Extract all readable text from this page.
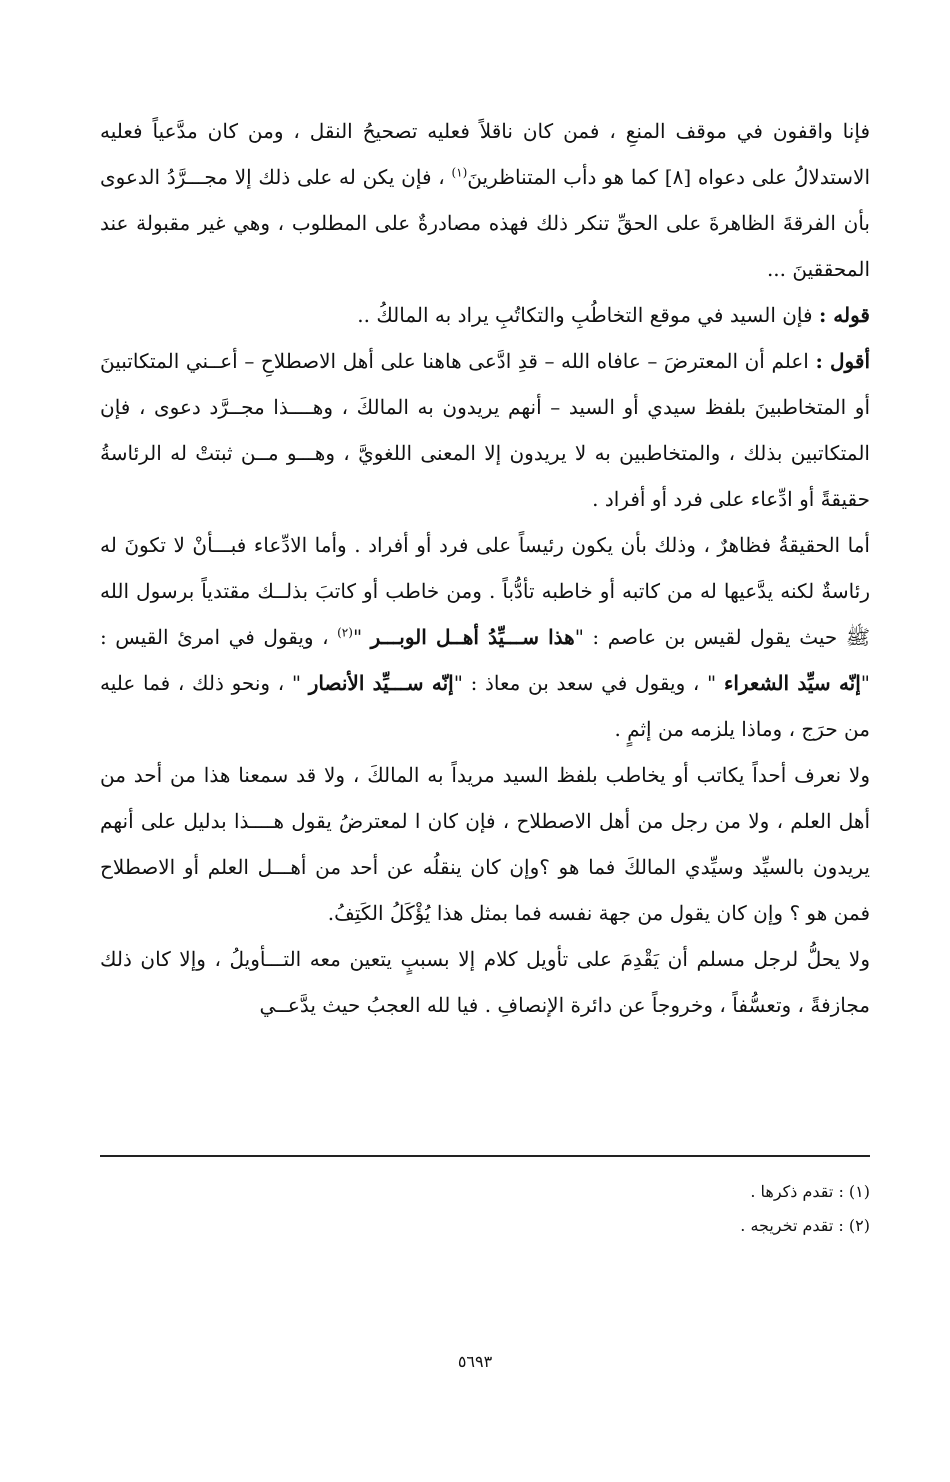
فإنا واقفون في موقف المنعِ ، فمن كان ناقلاً فعليه تصحيحُ النقل ، ومن كان مدَّعياً فعليه الاستدلالُ على دعواه [٨] كما هو دأب المتناظرينَ$^{(١)}$ ، فإن يكن له على ذلك إلا مجـــرَّدُ الدعوى بأن الفرقةَ الظاهرةَ على الحقِّ تنكر ذلك فهذه مصادرةٌ على المطلوب ، وهي غير مقبولة عند المحققينَ ...

قوله : فإن السيد في موقع التخاطُبِ والتكاتُبِ يراد به المالكُ ..

أقول : اعلم أن المعترضَ – عافاه الله – قدِ ادَّعى هاهنا على أهل الاصطلاحِ – أعــني المتكاتبينَ أو المتخاطبينَ بلفظ سيدي أو السيد – أنهم يريدون به المالكَ ، وهــــذا مجــرَّد دعوى ، فإن المتكاتبين بذلك ، والمتخاطبين به لا يريدون إلا المعنى اللغويَّ ، وهـــو مــن ثبتتْ له الرئاسةُ حقيقةً أو ادِّعاء على فرد أو أفراد .

أما الحقيقةُ فظاهرٌ ، وذلك بأن يكون رئيساً على فرد أو أفراد . وأما الادِّعاء فبـــأنْ لا تكونَ له رئاسةٌ لكنه يدَّعيها له من كاتبه أو خاطبه تأدُّباً . ومن خاطب أو كاتبَ بذلــك مقتدياً برسول الله ﷺ حيث يقول لقيس بن عاصم : "هذا ســـيِّدُ أهــل الوبـــر "$^{(٢)}$ ، ويقول في امرئ القيس : "إنّه سيِّد الشعراء " ، ويقول في سعد بن معاذ : "إنّه ســـيِّد الأنصار " ، ونحو ذلك ، فما عليه من حرَج ، وماذا يلزمه من إثمٍ .

ولا نعرف أحداً يكاتب أو يخاطب بلفظ السيد مريداً به المالكَ ، ولا قد سمعنا هذا من أحد من أهل العلم ، ولا من رجل من أهل الاصطلاح ، فإن كان ا لمعترضُ يقول هــــذا بدليل على أنهم يريدون بالسيِّد وسيِّدي المالكَ فما هو ؟وإن كان ينقلُه عن أحد من أهـــل العلم أو الاصطلاح فمن هو ؟ وإن كان يقول من جهة نفسه فما بمثل هذا يُؤْكَلُ الكَتِفُ.

ولا يحلُّ لرجل مسلم أن يَقْدِمَ على تأويل كلام إلا بسببٍ يتعين معه التـــأويلُ ، وإلا كان ذلك مجازفةً ، وتعسُّفاً ، وخروجاً عن دائرة الإنصافِ . فيا لله العجبُ حيث يدَّعــي

(١) : تقدم ذكرها .

(٢) : تقدم تخريجه .

٥٦٩٣
